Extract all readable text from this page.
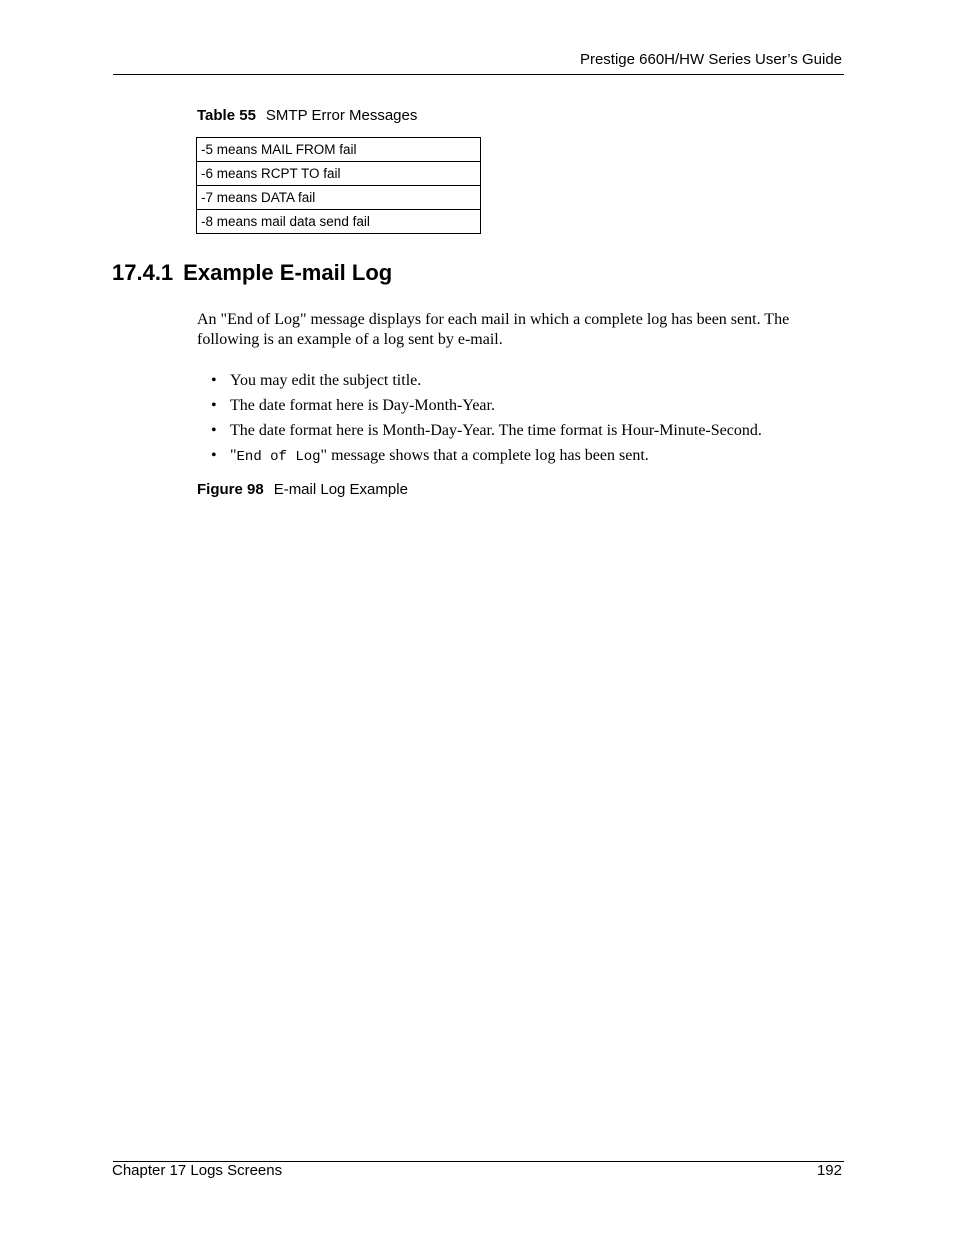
Prestige 660H/HW Series User’s Guide
Table 55 SMTP Error Messages
-5 means MAIL FROM fail
-6 means RCPT TO fail
-7 means DATA fail
-8 means mail data send fail
17.4.1 Example E-mail Log
An "End of Log" message displays for each mail in which a complete log has been sent. The following is an example of a log sent by e-mail.
• You may edit the subject title.
• The date format here is Day-Month-Year.
• The date format here is Month-Day-Year. The time format is Hour-Minute-Second.
• "End of Log" message shows that a complete log has been sent.
Figure 98 E-mail Log Example
Chapter 17 Logs Screens	192
